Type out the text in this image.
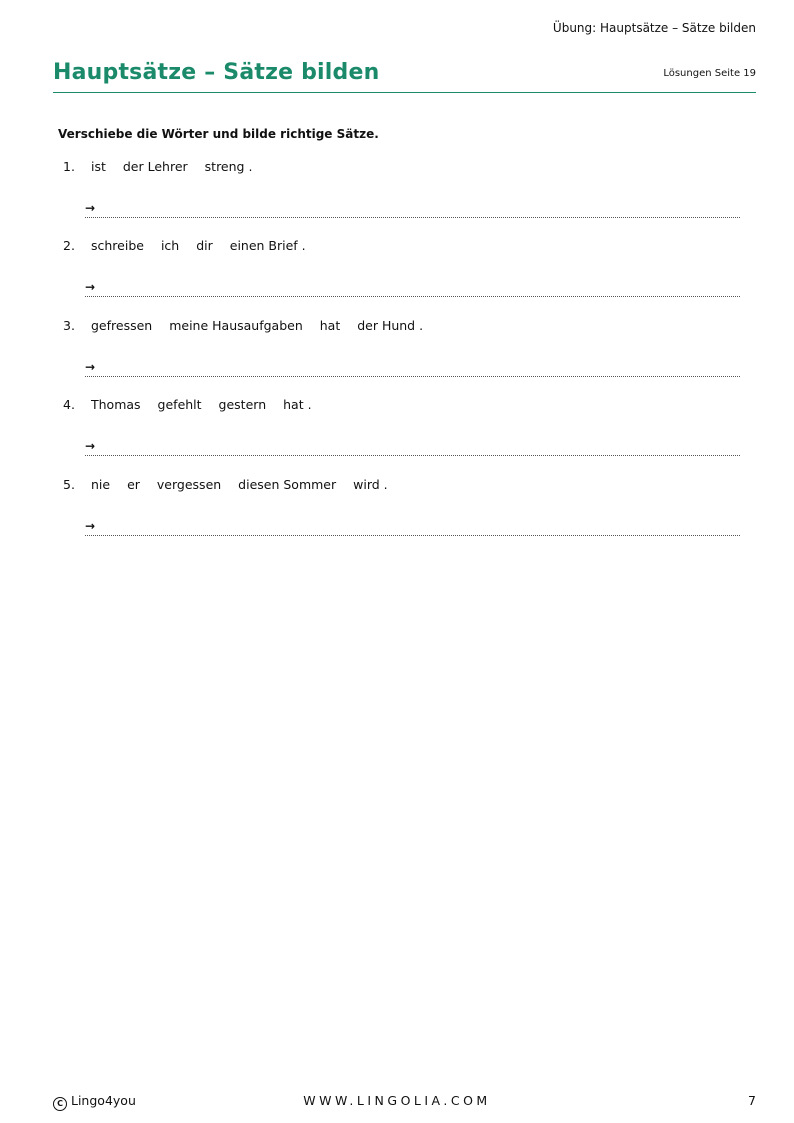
Übung: Hauptsätze – Sätze bilden
Hauptsätze – Sätze bilden	Lösungen Seite 19
Verschiebe die Wörter und bilde richtige Sätze.
1. ist der Lehrer streng .
→
2. schreibe ich dir einen Brief .
→
3. gefressen meine Hausaufgaben hat der Hund .
→
4. Thomas gefehlt gestern hat .
→
5. nie er vergessen diesen Sommer wird .
→
C Lingo4you	WWW.LINGOLIA.COM	7
